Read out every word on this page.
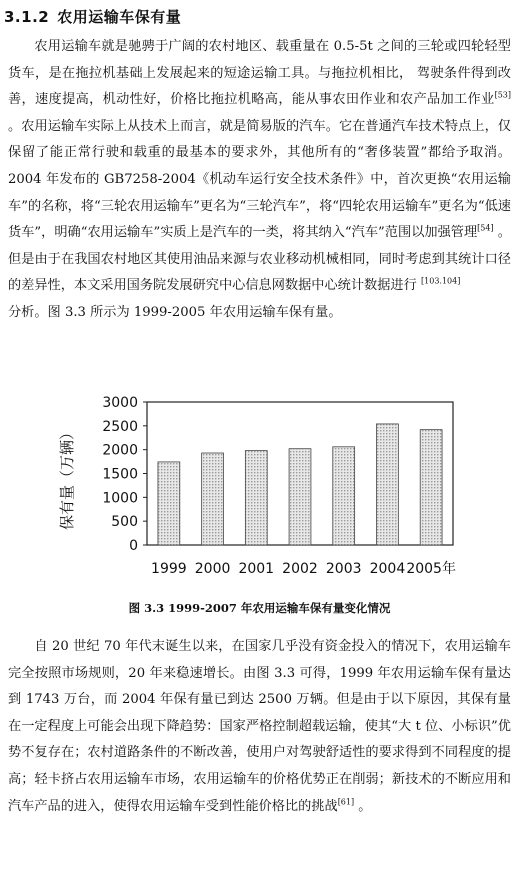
3.1.2 农用运输车保有量

农用运输车就是驰骋于广阔的农村地区、载重量在 0.5-5t 之间的三轮或四轮轻型货车，是在拖拉机基础上发展起来的短途运输工具。与拖拉机相比， 驾驶条件得到改善，速度提高，机动性好，价格比拖拉机略高，能从事农田作业和农产品加工作业[53] 。农用运输车实际上从技术上而言，就是简易版的汽车。它在普通汽车技术特点上，仅保留了能正常行驶和载重的最基本的要求外，其他所有的“奢侈装置”都给予取消。2004 年发布的 GB7258-2004《机动车运行安全技术条件》中，首次更换“农用运输车”的名称，将“三轮农用运输车”更名为“三轮汽车”，将“四轮农用运输车”更名为“低速货车”，明确“农用运输车”实质上是汽车的一类，将其纳入“汽车”范围以加强管理[54] 。但是由于在我国农村地区其使用油品来源与农业移动机械相同，同时考虑到其统计口径的差异性，本文采用国务院发展研究中心信息网数据中心统计数据进行 [103.104]
分析。图 3.3 所示为 1999-2005 年农用运输车保有量。

保有量（万辆）
0
500
1000
1500
2000
2500
3000
1999 2000 2001 2002 2003 2004 2005年
图 3.3 1999-2007 年农用运输车保有量变化情况

自 20 世纪 70 年代末诞生以来，在国家几乎没有资金投入的情况下，农用运输车完全按照市场规则，20 年来稳速增长。由图 3.3 可得，1999 年农用运输车保有量达到 1743 万台，而 2004 年保有量已到达 2500 万辆。但是由于以下原因，其保有量在一定程度上可能会出现下降趋势：国家严格控制超载运输，使其“大 t 位、小标识”优势不复存在；农村道路条件的不断改善，使用户对驾驶舒适性的要求得到不同程度的提高；轻卡挤占农用运输车市场，农用运输车的价格优势正在削弱；新技术的不断应用和汽车产品的进入，使得农用运输车受到性能价格比的挑战[61] 。
